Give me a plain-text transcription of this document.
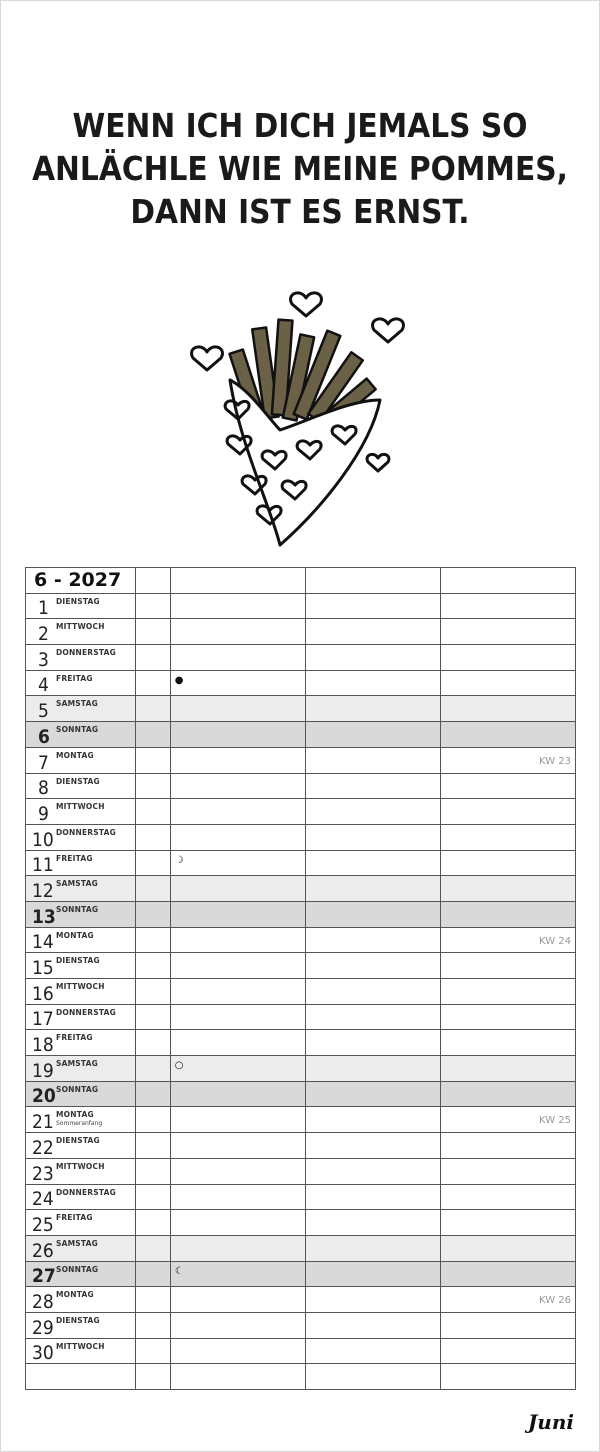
WENN ICH DICH JEMALS SO
ANLÄCHLE WIE MEINE POMMES,
DANN IST ES ERNST.
6 - 2027				

1 DIENSTAG				

2 MITTWOCH				

3 DONNERSTAG				

4 FREITAG		●		

5 SAMSTAG				

6 SONNTAG				

7 MONTAG				KW 23

8 DIENSTAG				

9 MITTWOCH				

10 DONNERSTAG				

11 FREITAG		☽		

12 SAMSTAG				

13 SONNTAG				

14 MONTAG				KW 24

15 DIENSTAG				

16 MITTWOCH				

17 DONNERSTAG				

18 FREITAG				

19 SAMSTAG		○		

20 SONNTAG				

21 MONTAG
Sommeranfang				KW 25

22 DIENSTAG				

23 MITTWOCH				

24 DONNERSTAG				

25 FREITAG				

26 SAMSTAG				

27 SONNTAG		☾		

28 MONTAG				KW 26

29 DIENSTAG				

30 MITTWOCH				

Juni
